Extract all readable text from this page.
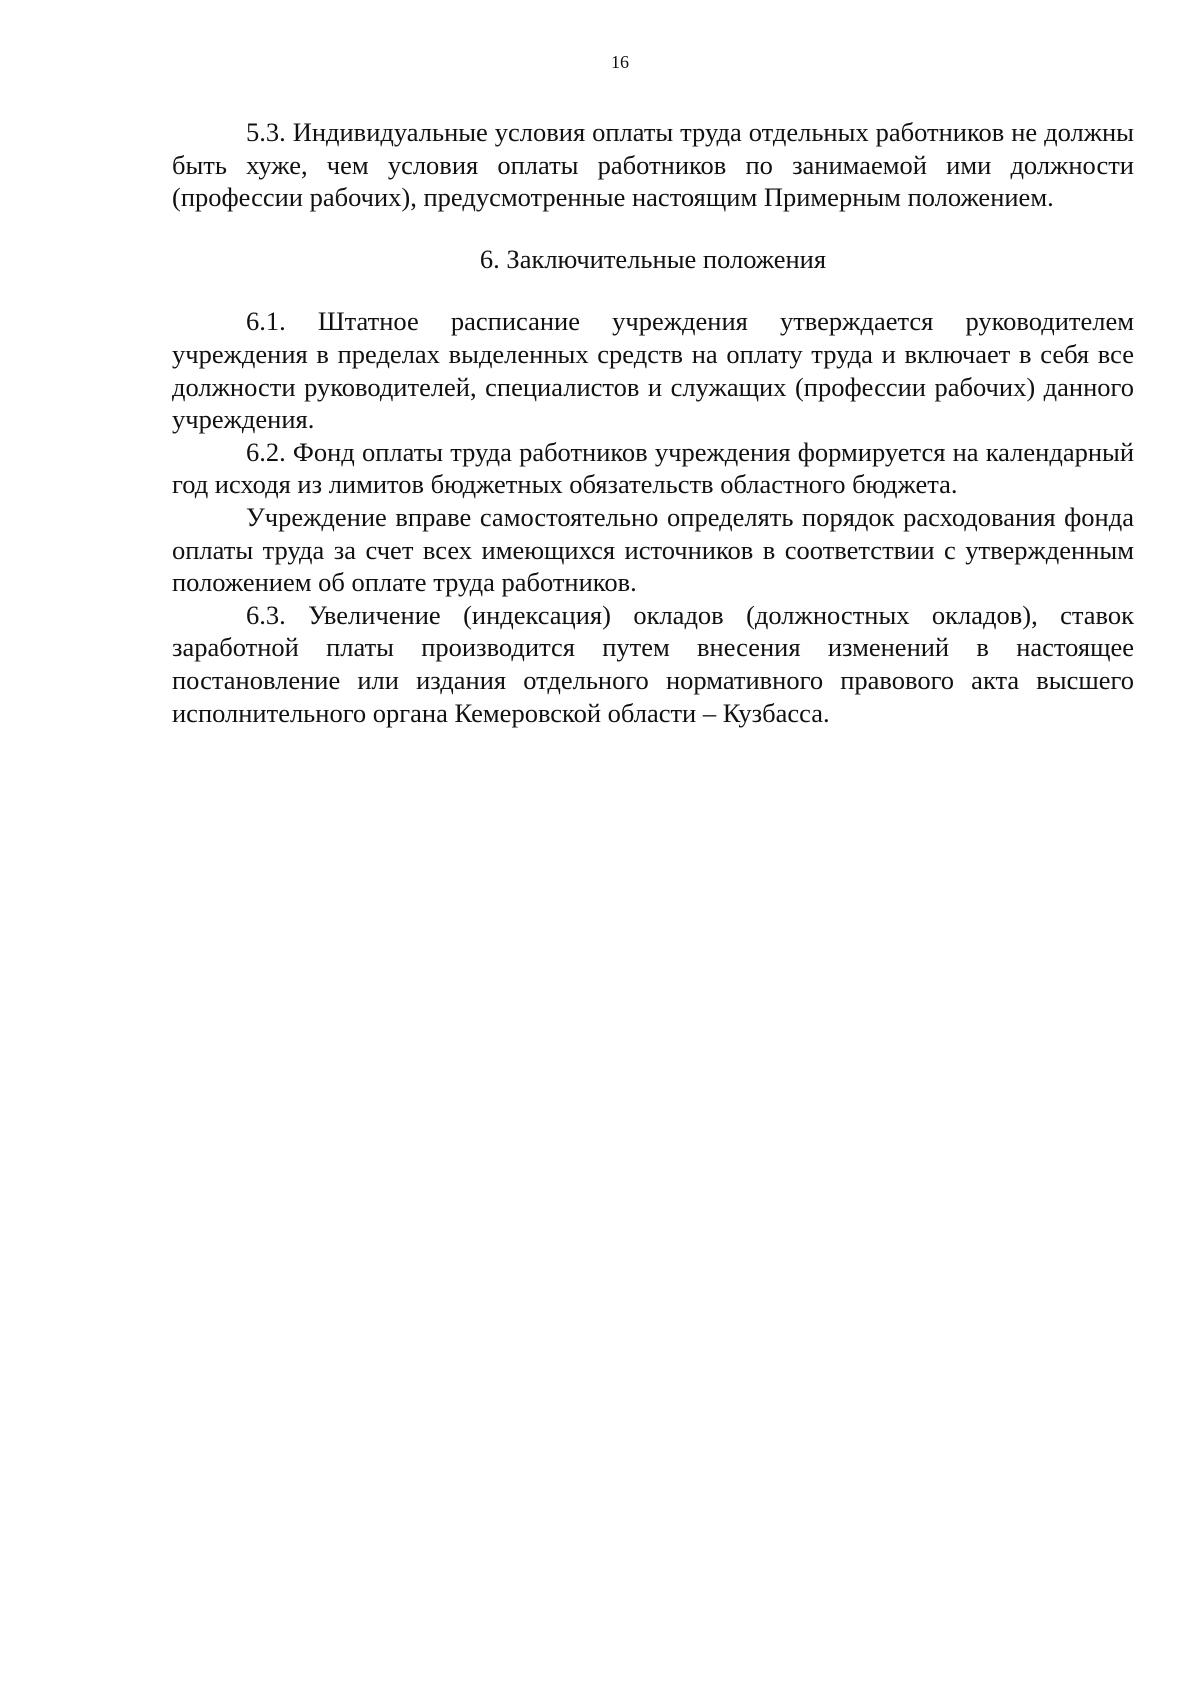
16

5.3. Индивидуальные условия оплаты труда отдельных работников не должны быть хуже, чем условия оплаты работников по занимаемой ими должности (профессии рабочих), предусмотренные настоящим Примерным положением.

6. Заключительные положения

6.1. Штатное расписание учреждения утверждается руководителем учреждения в пределах выделенных средств на оплату труда и включает в себя все должности руководителей, специалистов и служащих (профессии рабочих) данного учреждения.

6.2. Фонд оплаты труда работников учреждения формируется на календарный год исходя из лимитов бюджетных обязательств областного бюджета.

Учреждение вправе самостоятельно определять порядок расходования фонда оплаты труда за счет всех имеющихся источников в соответствии с утвержденным положением об оплате труда работников.

6.3. Увеличение (индексация) окладов (должностных окладов), ставок заработной платы производится путем внесения изменений в настоящее постановление или издания отдельного нормативного правового акта высшего исполнительного органа Кемеровской области – Кузбасса.
